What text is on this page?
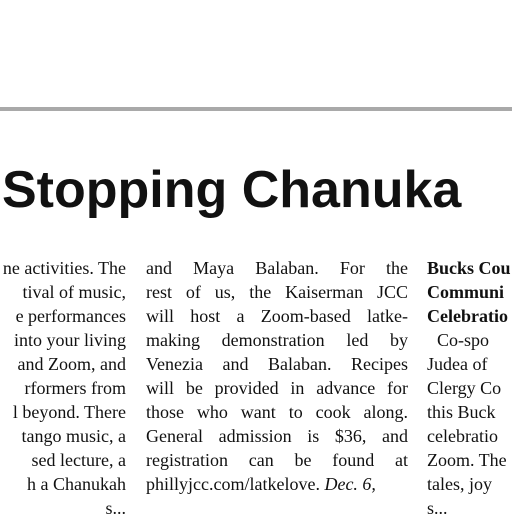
Stopping Chanuka
ne activities. The
tival of music,
e performances
into your living
and Zoom, and
rformers from
l beyond. There
tango music, a
sed lecture, a
h a Chanukah
s...
and Maya Balaban. For the
rest of us, the Kaiserman JCC
will host a Zoom-based latke-
making demonstration led by
Venezia and Balaban. Recipes
will be provided in advance for
those who want to cook along.
General admission is $36, and
registration can be found at
phillyjcc.com/latkelove. Dec. 6,
Bucks Cou
Communi
Celebratio
Co-spo
Judea of
Clergy Co
this Buck
celebratio
Zoom. The
tales, joy
s...
